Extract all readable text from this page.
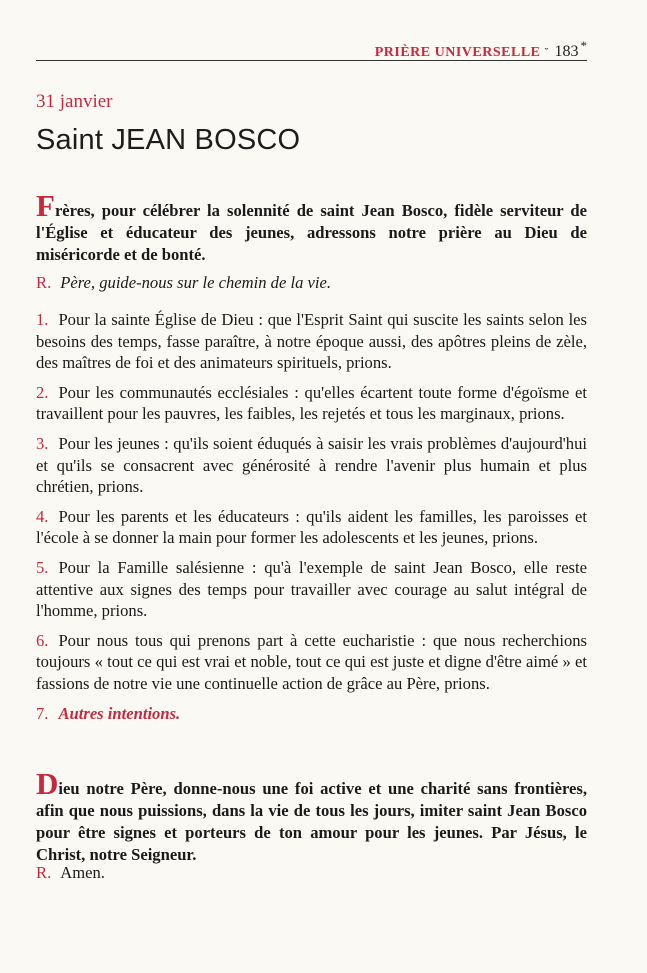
PRIÈRE UNIVERSELLE ˘ 183 *
31 janvier
Saint JEAN BOSCO
Frères, pour célébrer la solennité de saint Jean Bosco, fidèle serviteur de l'Église et éducateur des jeunes, adressons notre prière au Dieu de miséricorde et de bonté.
R. Père, guide-nous sur le chemin de la vie.

1. Pour la sainte Église de Dieu : que l'Esprit Saint qui suscite les saints selon les besoins des temps, fasse paraître, à notre époque aussi, des apôtres pleins de zèle, des maîtres de foi et des animateurs spirituels, prions.

2. Pour les communautés ecclésiales : qu'elles écartent toute forme d'égoïsme et travaillent pour les pauvres, les faibles, les rejetés et tous les marginaux, prions.

3. Pour les jeunes : qu'ils soient éduqués à saisir les vrais problèmes d'aujourd'hui et qu'ils se consacrent avec générosité à rendre l'avenir plus humain et plus chrétien, prions.

4. Pour les parents et les éducateurs : qu'ils aident les familles, les paroisses et l'école à se donner la main pour former les adolescents et les jeunes, prions.

5. Pour la Famille salésienne : qu'à l'exemple de saint Jean Bosco, elle reste attentive aux signes des temps pour travailler avec courage au salut intégral de l'homme, prions.

6. Pour nous tous qui prenons part à cette eucharistie : que nous recherchions toujours « tout ce qui est vrai et noble, tout ce qui est juste et digne d'être aimé » et fassions de notre vie une continuelle action de grâce au Père, prions.

7. Autres intentions.

Dieu notre Père, donne-nous une foi active et une charité sans frontières, afin que nous puissions, dans la vie de tous les jours, imiter saint Jean Bosco pour être signes et porteurs de ton amour pour les jeunes. Par Jésus, le Christ, notre Seigneur.
R. Amen.
